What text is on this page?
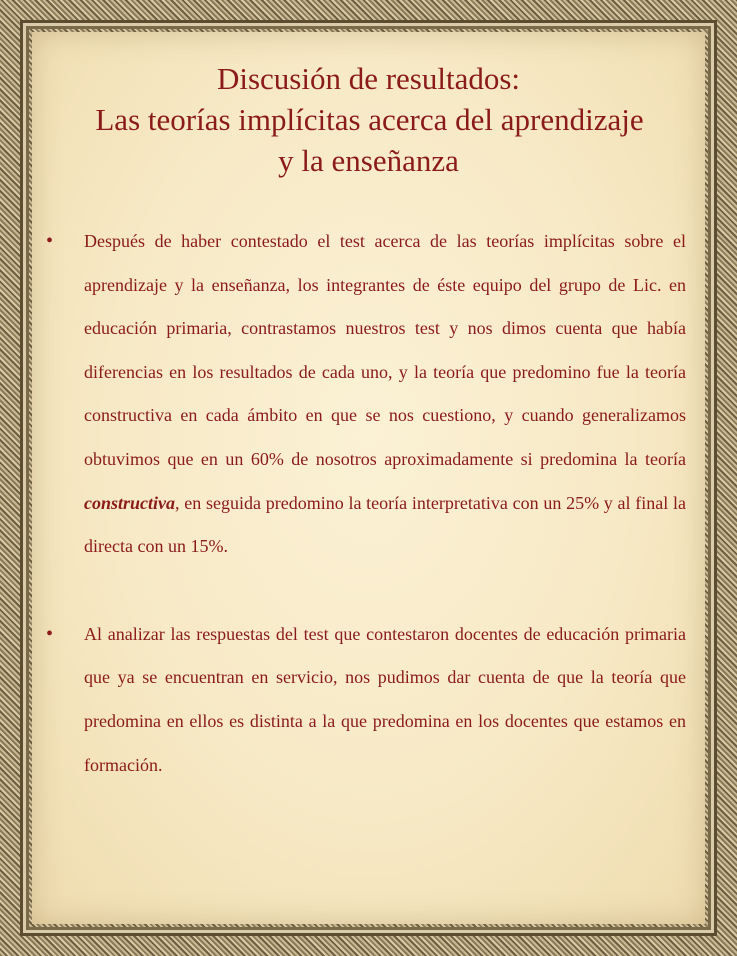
Discusión de resultados:
Las teorías implícitas acerca del aprendizaje
y la enseñanza
• Después de haber contestado el test acerca de las teorías implícitas sobre el aprendizaje y la enseñanza, los integrantes de éste equipo del grupo de Lic. en educación primaria, contrastamos nuestros test y nos dimos cuenta que había diferencias en los resultados de cada uno, y la teoría que predomino fue la teoría constructiva en cada ámbito en que se nos cuestiono, y cuando generalizamos obtuvimos que en un 60% de nosotros aproximadamente si predomina la teoría constructiva, en seguida predomino la teoría interpretativa con un 25% y al final la directa con un 15%.
• Al analizar las respuestas del test que contestaron docentes de educación primaria que ya se encuentran en servicio, nos pudimos dar cuenta de que la teoría que predomina en ellos es distinta a la que predomina en los docentes que estamos en formación.
